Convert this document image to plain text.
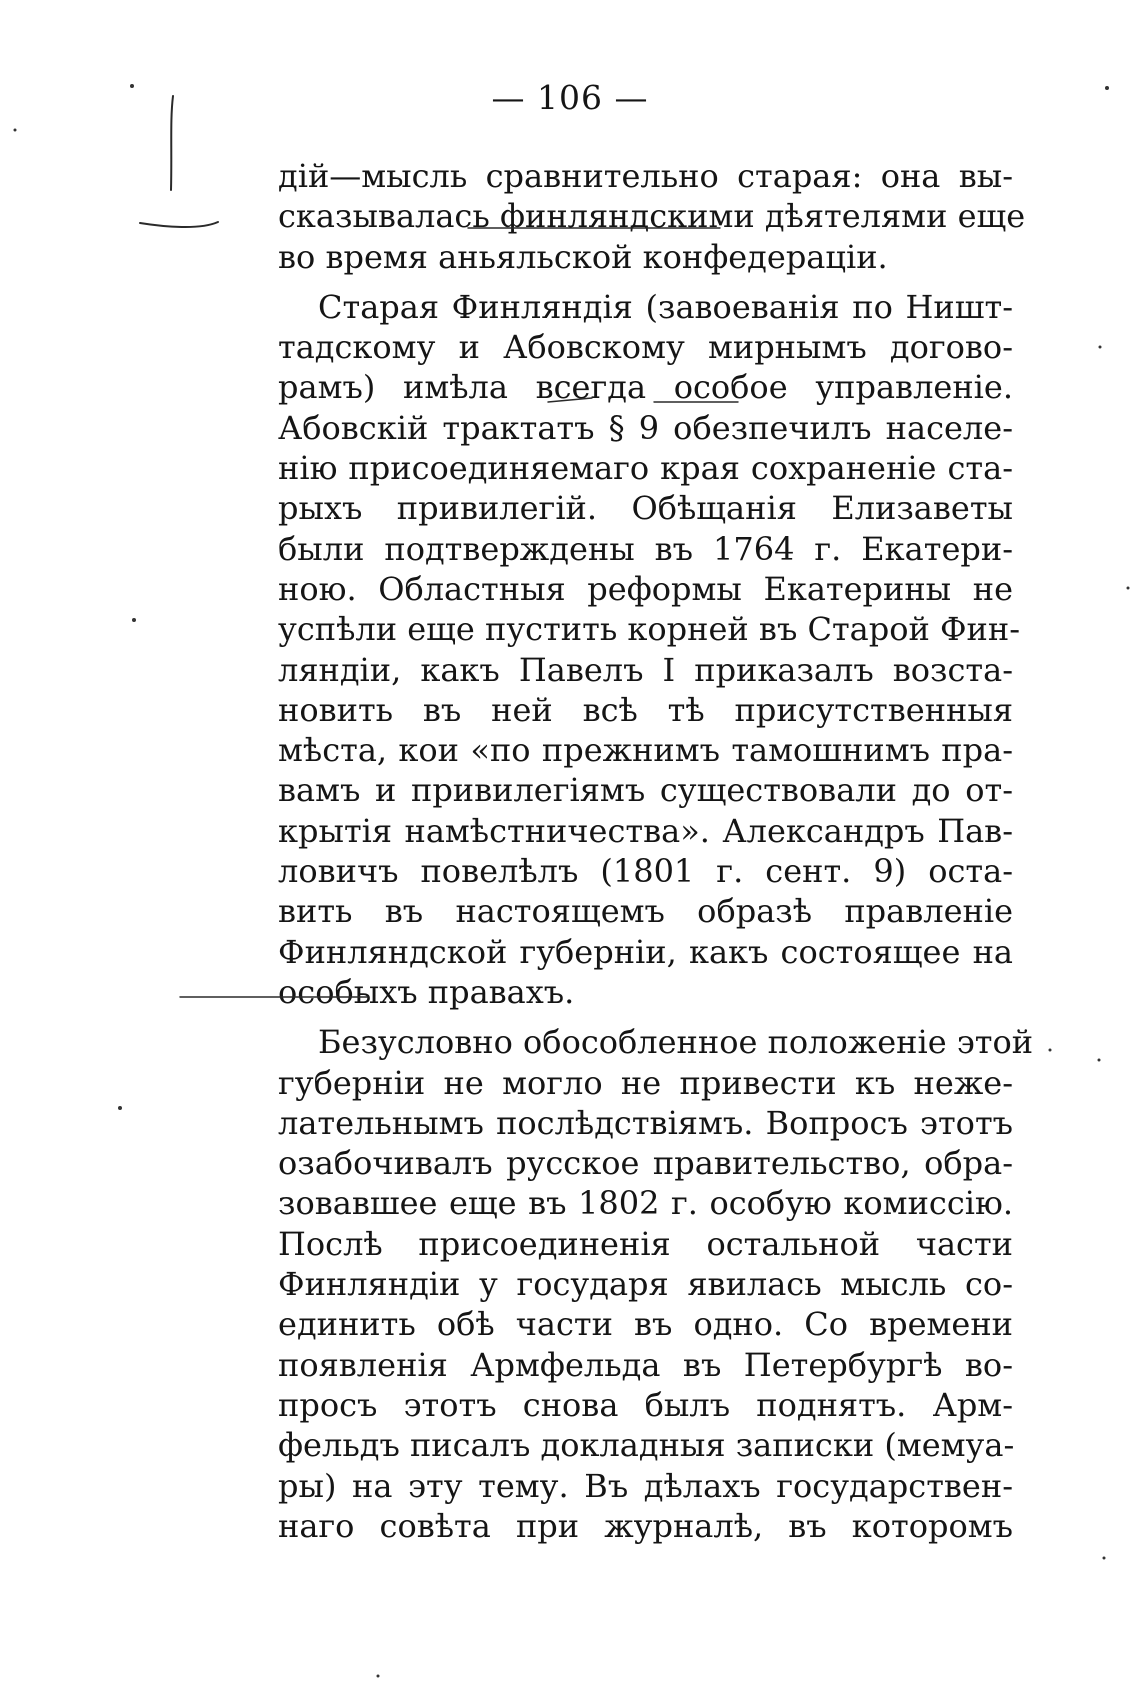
— 106 —
дій—мысль сравнительно старая: она вы-
сказывалась финляндскими дѣятелями еще
во время аньяльской конфедераціи.
Старая Финляндія (завоеванія по Ништ-
тадскому и Абовскому мирнымъ догово-
рамъ) имѣла всегда особое управленіе.
Абовскій трактатъ § 9 обезпечилъ населе-
нію присоединяемаго края сохраненіе ста-
рыхъ привилегій. Обѣщанія Елизаветы
были подтверждены въ 1764 г. Екатери-
ною. Областныя реформы Екатерины не
успѣли еще пустить корней въ Старой Фин-
ляндіи, какъ Павелъ I приказалъ возста-
новить въ ней всѣ тѣ присутственныя
мѣста, кои «по прежнимъ тамошнимъ пра-
вамъ и привилегіямъ существовали до от-
крытія намѣстничества». Александръ Пав-
ловичъ повелѣлъ (1801 г. сент. 9) оста-
вить въ настоящемъ образѣ правленіе
Финляндской губерніи, какъ состоящее на
особыхъ правахъ.
Безусловно обособленное положеніе этой
губерніи не могло не привести къ неже-
лательнымъ послѣдствіямъ. Вопросъ этотъ
озабочивалъ русское правительство, обра-
зовавшее еще въ 1802 г. особую комиссію.
Послѣ присоединенія остальной части
Финляндіи у государя явилась мысль со-
единить обѣ части въ одно. Со времени
появленія Армфельда въ Петербургѣ во-
просъ этотъ снова былъ поднятъ. Арм-
фельдъ писалъ докладныя записки (мемуа-
ры) на эту тему. Въ дѣлахъ государствен-
наго совѣта при журналѣ, въ которомъ
